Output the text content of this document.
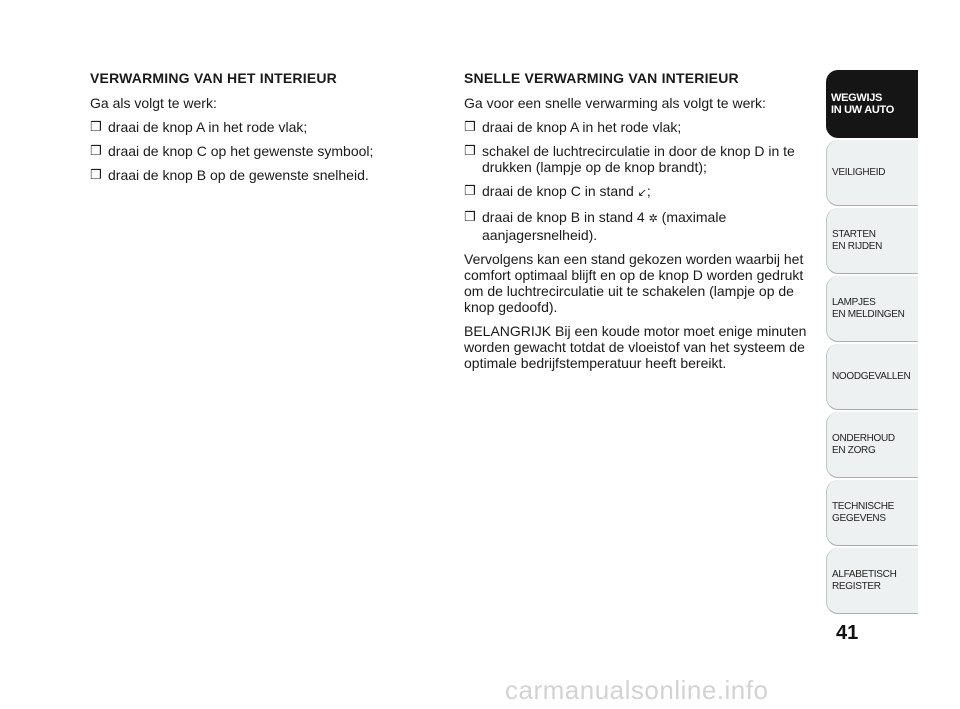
VERWARMING VAN HET INTERIEUR
Ga als volgt te werk:
❒ draai de knop A in het rode vlak;
❒ draai de knop C op het gewenste symbool;
❒ draai de knop B op de gewenste snelheid.
SNELLE VERWARMING VAN INTERIEUR
Ga voor een snelle verwarming als volgt te werk:
❒ draai de knop A in het rode vlak;
❒ schakel de luchtrecirculatie in door de knop D in te drukken (lampje op de knop brandt);
❒ draai de knop C in stand ↙;
❒ draai de knop B in stand 4 ✲ (maximale aanjagersnelheid).
Vervolgens kan een stand gekozen worden waarbij het comfort optimaal blijft en op de knop D worden gedrukt om de luchtrecirculatie uit te schakelen (lampje op de knop gedoofd).
BELANGRIJK Bij een koude motor moet enige minuten worden gewacht totdat de vloeistof van het systeem de optimale bedrijfstemperatuur heeft bereikt.
WEGWIJS
IN UW AUTO
VEILIGHEID
STARTEN
EN RIJDEN
LAMPJES
EN MELDINGEN
NOODGEVALLEN
ONDERHOUD
EN ZORG
TECHNISCHE
GEGEVENS
ALFABETISCH
REGISTER
41
carmanualsonline.info
